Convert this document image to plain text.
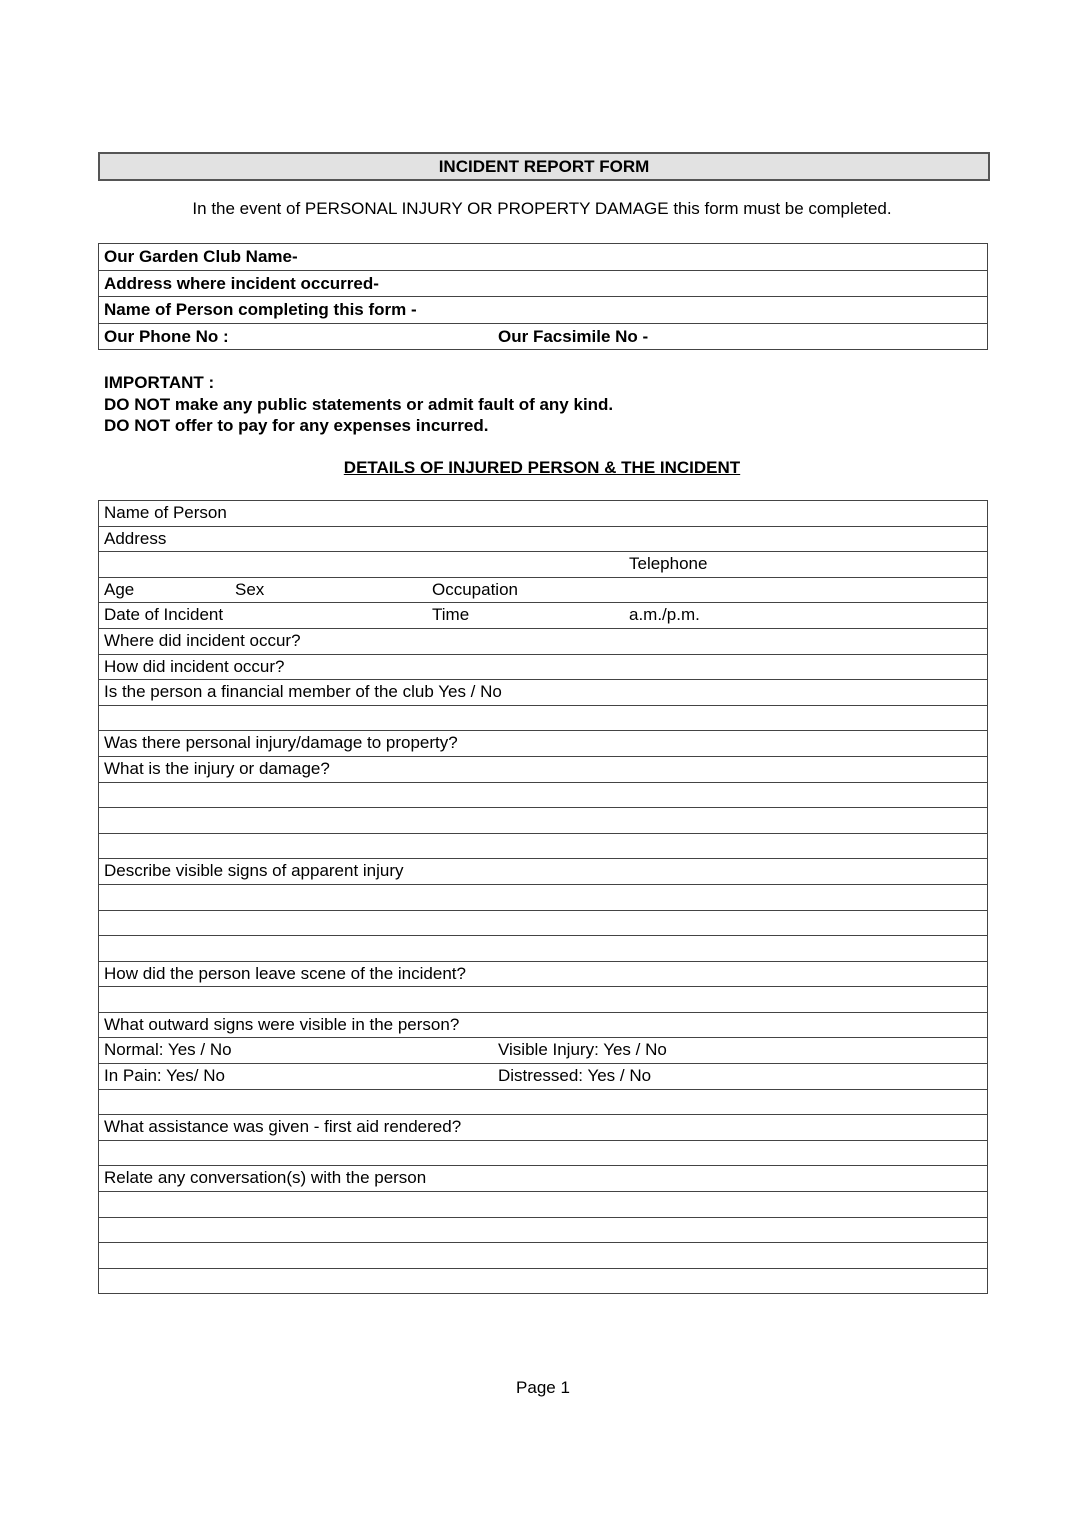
INCIDENT REPORT FORM
In the event of PERSONAL INJURY OR PROPERTY DAMAGE this form must be completed.
Our Garden Club Name-
Address where incident occurred-
Name of Person completing this form -
Our Phone No :	Our Facsimile No -
IMPORTANT :
DO NOT make any public statements or admit fault of any kind.
DO NOT offer to pay for any expenses incurred.
DETAILS OF INJURED PERSON & THE INCIDENT
Name of Person
Address
Telephone
Age	Sex	Occupation
Date of Incident	Time	a.m./p.m.
Where did incident occur?
How did incident occur?
Is the person a financial member of the club Yes / No
Was there personal injury/damage to property?
What is the injury or damage?
Describe visible signs of apparent injury
How did the person leave scene of the incident?
What outward signs were visible in the person?
Normal: Yes / No	Visible Injury: Yes / No
In Pain: Yes/ No	Distressed: Yes / No
What assistance was given - first aid rendered?
Relate any conversation(s) with the person
Page 1
